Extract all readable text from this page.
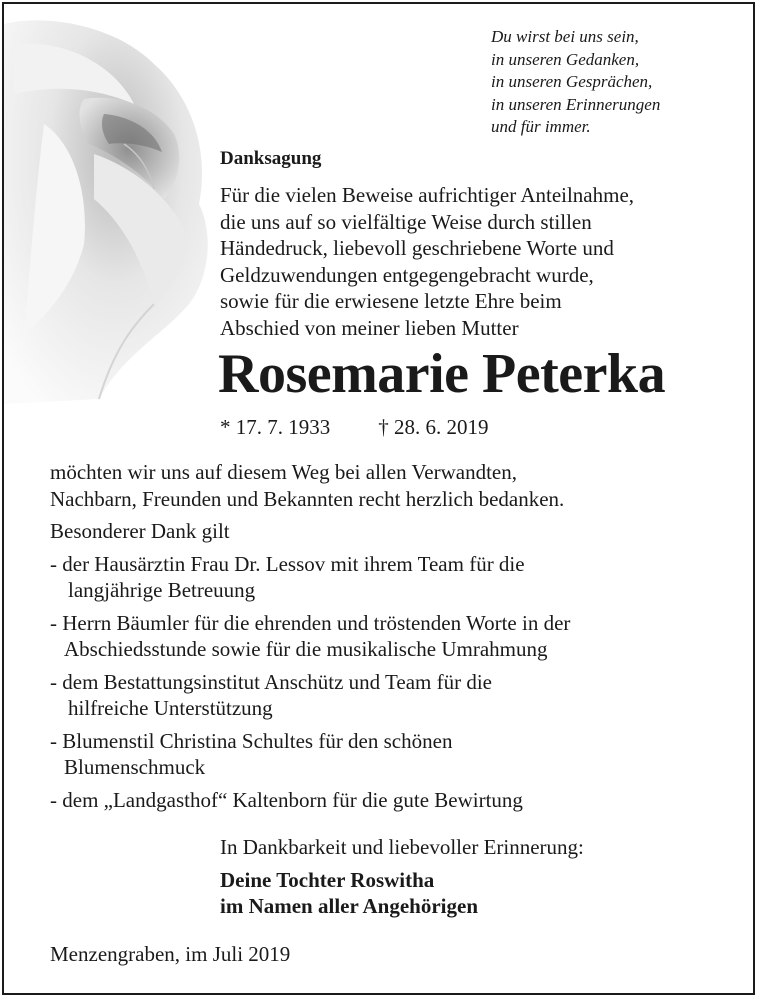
Du wirst bei uns sein,
in unseren Gedanken,
in unseren Gesprächen,
in unseren Erinnerungen
und für immer.
Danksagung
Für die vielen Beweise aufrichtiger Anteilnahme,
die uns auf so vielfältige Weise durch stillen
Händedruck, liebevoll geschriebene Worte und
Geldzuwendungen entgegengebracht wurde,
sowie für die erwiesene letzte Ehre beim
Abschied von meiner lieben Mutter
Rosemarie Peterka
* 17. 7. 1933 † 28. 6. 2019
möchten wir uns auf diesem Weg bei allen Verwandten,
Nachbarn, Freunden und Bekannten recht herzlich bedanken.
Besonderer Dank gilt
- der Hausärztin Frau Dr. Lessov mit ihrem Team für die
langjährige Betreuung
- Herrn Bäumler für die ehrenden und tröstenden Worte in der
Abschiedsstunde sowie für die musikalische Umrahmung
- dem Bestattungsinstitut Anschütz und Team für die
hilfreiche Unterstützung
- Blumenstil Christina Schultes für den schönen
Blumenschmuck
- dem „Landgasthof“ Kaltenborn für die gute Bewirtung
In Dankbarkeit und liebevoller Erinnerung:
Deine Tochter Roswitha
im Namen aller Angehörigen
Menzengraben, im Juli 2019
